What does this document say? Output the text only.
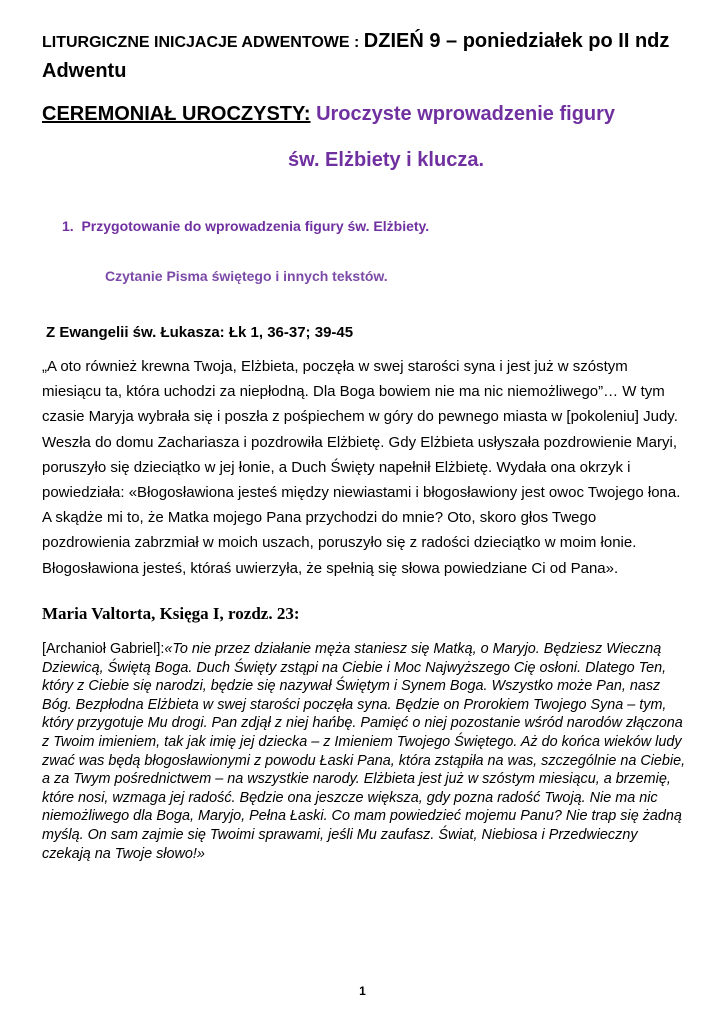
LITURGICZNE INICJACJE ADWENTOWE : DZIEŃ 9 – poniedziałek po II ndz
Adwentu
CEREMONIAŁ UROCZYSTY: Uroczyste wprowadzenie figury
św. Elżbiety i klucza.
1. Przygotowanie do wprowadzenia figury św. Elżbiety.
Czytanie Pisma świętego i innych tekstów.
Z Ewangelii św. Łukasza: Łk 1, 36-37; 39-45
„A oto również krewna Twoja, Elżbieta, poczęła w swej starości syna i jest już w szóstym miesiącu ta, która uchodzi za niepłodną. Dla Boga bowiem nie ma nic niemożliwego”… W tym czasie Maryja wybrała się i poszła z pośpiechem w góry do pewnego miasta w [pokoleniu] Judy. Weszła do domu Zachariasza i pozdrowiła Elżbietę. Gdy Elżbieta usłyszała pozdrowienie Maryi, poruszyło się dzieciątko w jej łonie, a Duch Święty napełnił Elżbietę. Wydała ona okrzyk i powiedziała: «Błogosławiona jesteś między niewiastami i błogosławiony jest owoc Twojego łona. A skądże mi to, że Matka mojego Pana przychodzi do mnie? Oto, skoro głos Twego pozdrowienia zabrzmiał w moich uszach, poruszyło się z radości dzieciątko w moim łonie. Błogosławiona jesteś, któraś uwierzyła, że spełnią się słowa powiedziane Ci od Pana».
Maria Valtorta, Księga I, rozdz. 23:
[Archanioł Gabriel]:«To nie przez działanie męża staniesz się Matką, o Maryjo. Będziesz Wieczną Dziewicą, Świętą Boga. Duch Święty zstąpi na Ciebie i Moc Najwyższego Cię osłoni. Dlatego Ten, który z Ciebie się narodzi, będzie się nazywał Świętym i Synem Boga. Wszystko może Pan, nasz Bóg. Bezpłodna Elżbieta w swej starości poczęła syna. Będzie on Prorokiem Twojego Syna – tym, który przygotuje Mu drogi. Pan zdjął z niej hańbę. Pamięć o niej pozostanie wśród narodów złączona z Twoim imieniem, tak jak imię jej dziecka – z Imieniem Twojego Świętego. Aż do końca wieków ludy zwać was będą błogosławionymi z powodu Łaski Pana, która zstąpiła na was, szczególnie na Ciebie, a za Twym pośrednictwem – na wszystkie narody. Elżbieta jest już w szóstym miesiącu, a brzemię, które nosi, wzmaga jej radość. Będzie ona jeszcze większa, gdy pozna radość Twoją. Nie ma nic niemożliwego dla Boga, Maryjo, Pełna Łaski. Co mam powiedzieć mojemu Panu? Nie trap się żadną myślą. On sam zajmie się Twoimi sprawami, jeśli Mu zaufasz. Świat, Niebiosa i Przedwieczny czekają na Twoje słowo!»
1
